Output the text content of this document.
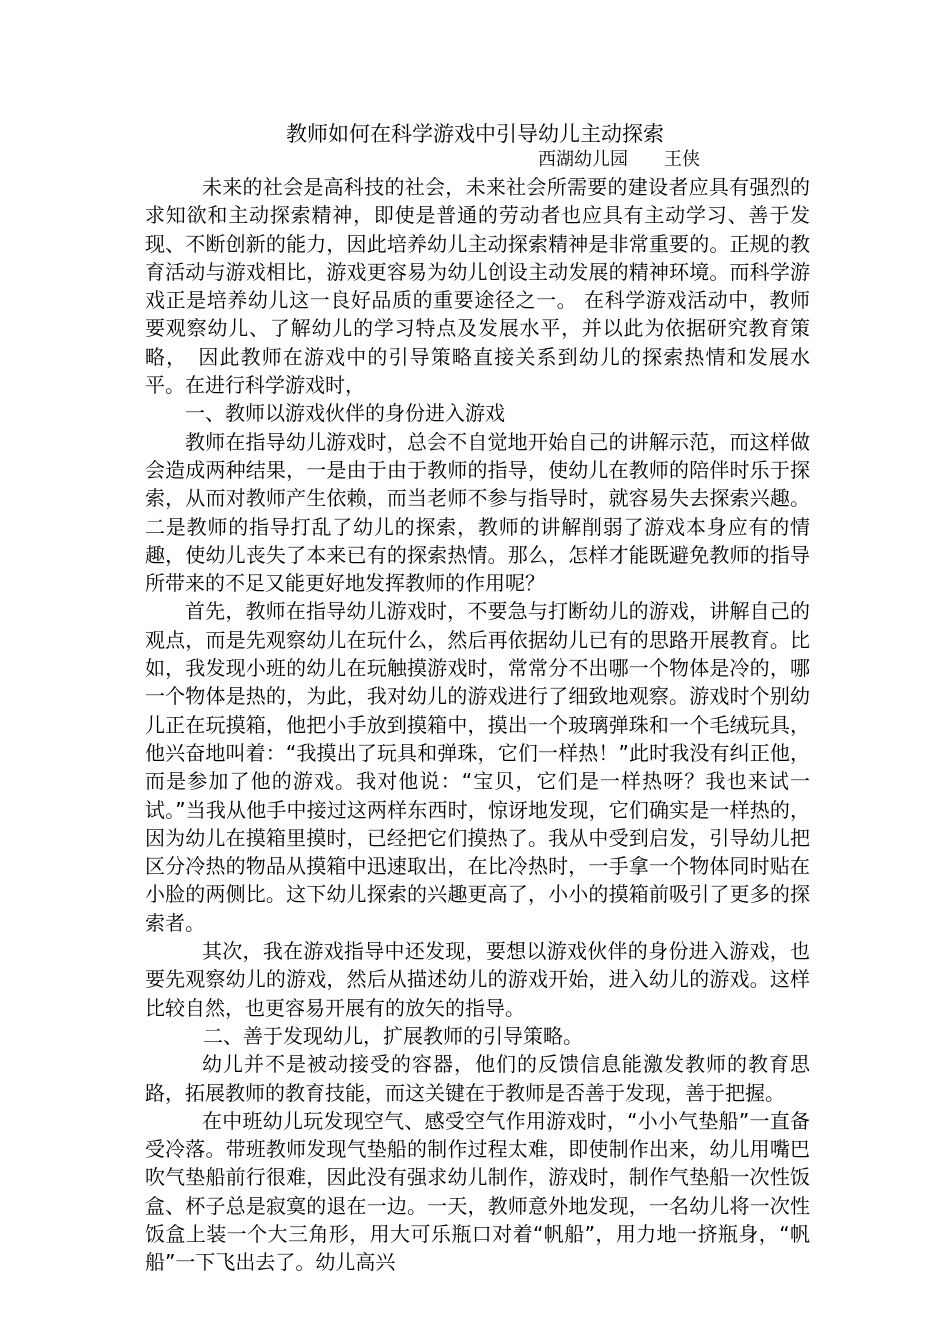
教师如何在科学游戏中引导幼儿主动探索
西湖幼儿园 王侠

未来的社会是高科技的社会，未来社会所需要的建设者应具有强烈的求知欲和主动探索精神，即使是普通的劳动者也应具有主动学习、善于发现、不断创新的能力，因此培养幼儿主动探索精神是非常重要的。正规的教育活动与游戏相比，游戏更容易为幼儿创设主动发展的精神环境。而科学游戏正是培养幼儿这一良好品质的重要途径之一。 在科学游戏活动中，教师要观察幼儿、了解幼儿的学习特点及发展水平，并以此为依据研究教育策略，　因此教师在游戏中的引导策略直接关系到幼儿的探索热情和发展水平。在进行科学游戏时，

一、教师以游戏伙伴的身份进入游戏

教师在指导幼儿游戏时，总会不自觉地开始自己的讲解示范，而这样做会造成两种结果，一是由于由于教师的指导，使幼儿在教师的陪伴时乐于探索，从而对教师产生依赖，而当老师不参与指导时，就容易失去探索兴趣。二是教师的指导打乱了幼儿的探索，教师的讲解削弱了游戏本身应有的情趣，使幼儿丧失了本来已有的探索热情。那么，怎样才能既避免教师的指导所带来的不足又能更好地发挥教师的作用呢？

首先，教师在指导幼儿游戏时，不要急与打断幼儿的游戏，讲解自己的观点，而是先观察幼儿在玩什么，然后再依据幼儿已有的思路开展教育。比如，我发现小班的幼儿在玩触摸游戏时，常常分不出哪一个物体是冷的，哪一个物体是热的，为此，我对幼儿的游戏进行了细致地观察。游戏时个别幼儿正在玩摸箱，他把小手放到摸箱中，摸出一个玻璃弹珠和一个毛绒玩具，他兴奋地叫着：“我摸出了玩具和弹珠，它们一样热！”此时我没有纠正他，而是参加了他的游戏。我对他说：“宝贝，它们是一样热呀？我也来试一试。”当我从他手中接过这两样东西时，惊讶地发现，它们确实是一样热的，因为幼儿在摸箱里摸时，已经把它们摸热了。我从中受到启发，引导幼儿把区分冷热的物品从摸箱中迅速取出，在比冷热时，一手拿一个物体同时贴在小脸的两侧比。这下幼儿探索的兴趣更高了，小小的摸箱前吸引了更多的探索者。

其次，我在游戏指导中还发现，要想以游戏伙伴的身份进入游戏，也要先观察幼儿的游戏，然后从描述幼儿的游戏开始，进入幼儿的游戏。这样比较自然，也更容易开展有的放矢的指导。

二、善于发现幼儿，扩展教师的引导策略。

幼儿并不是被动接受的容器，他们的反馈信息能激发教师的教育思路，拓展教师的教育技能，而这关键在于教师是否善于发现，善于把握。

在中班幼儿玩发现空气、感受空气作用游戏时，“小小气垫船”一直备受冷落。带班教师发现气垫船的制作过程太难，即使制作出来，幼儿用嘴巴吹气垫船前行很难，因此没有强求幼儿制作，游戏时，制作气垫船一次性饭盒、杯子总是寂寞的退在一边。一天，教师意外地发现，一名幼儿将一次性饭盒上装一个大三角形，用大可乐瓶口对着“帆船”，用力地一挤瓶身，“帆船”一下飞出去了。幼儿高兴
